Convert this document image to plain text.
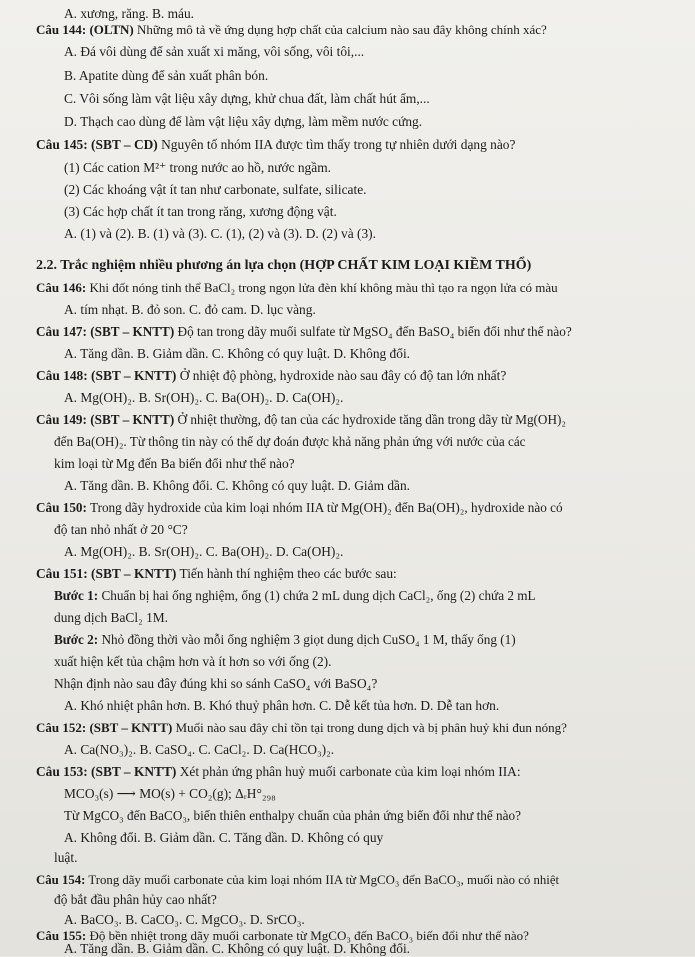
A. xương, răng. B. máu.
Câu 144: (OLTN) Những mô tả về ứng dụng hợp chất của calcium nào sau đây không chính xác?
A. Đá vôi dùng để sản xuất xi măng, vôi sống, vôi tôi,...
B. Apatite dùng để sản xuất phân bón.
C. Vôi sống làm vật liệu xây dựng, khử chua đất, làm chất hút ẩm,...
D. Thạch cao dùng để làm vật liệu xây dựng, làm mềm nước cứng.
Câu 145: (SBT – CD) Nguyên tố nhóm IIA được tìm thấy trong tự nhiên dưới dạng nào?
(1) Các cation M²⁺ trong nước ao hồ, nước ngầm.
(2) Các khoáng vật ít tan như carbonate, sulfate, silicate.
(3) Các hợp chất ít tan trong răng, xương động vật.
A. (1) và (2). B. (1) và (3). C. (1), (2) và (3). D. (2) và (3).
2.2. Trắc nghiệm nhiều phương án lựa chọn (HỢP CHẤT KIM LOẠI KIỀM THỔ)
Câu 146: Khi đốt nóng tinh thể BaCl₂ trong ngọn lửa đèn khí không màu thì tạo ra ngọn lửa có màu
A. tím nhạt. B. đỏ son. C. đỏ cam. D. lục vàng.
Câu 147: (SBT – KNTT) Độ tan trong dãy muối sulfate từ MgSO₄ đến BaSO₄ biến đổi như thế nào?
A. Tăng dần. B. Giảm dần. C. Không có quy luật. D. Không đổi.
Câu 148: (SBT – KNTT) Ở nhiệt độ phòng, hydroxide nào sau đây có độ tan lớn nhất?
A. Mg(OH)₂. B. Sr(OH)₂. C. Ba(OH)₂. D. Ca(OH)₂.
Câu 149: (SBT – KNTT) Ở nhiệt thường, độ tan của các hydroxide tăng dần trong dãy từ Mg(OH)₂
đến Ba(OH)₂. Từ thông tin này có thể dự đoán được khả năng phản ứng với nước của các
kim loại từ Mg đến Ba biến đổi như thế nào?
A. Tăng dần. B. Không đổi. C. Không có quy luật. D. Giảm dần.
Câu 150: Trong dãy hydroxide của kim loại nhóm IIA từ Mg(OH)₂ đến Ba(OH)₂, hydroxide nào có
độ tan nhỏ nhất ở 20 °C?
A. Mg(OH)₂. B. Sr(OH)₂. C. Ba(OH)₂. D. Ca(OH)₂.
Câu 151: (SBT – KNTT) Tiến hành thí nghiệm theo các bước sau:
Bước 1: Chuẩn bị hai ống nghiệm, ống (1) chứa 2 mL dung dịch CaCl₂, ống (2) chứa 2 mL
dung dịch BaCl₂ 1M.
Bước 2: Nhỏ đồng thời vào mỗi ống nghiệm 3 giọt dung dịch CuSO₄ 1 M, thấy ống (1)
xuất hiện kết tủa chậm hơn và ít hơn so với ống (2).
Nhận định nào sau đây đúng khi so sánh CaSO₄ với BaSO₄?
A. Khó nhiệt phân hơn. B. Khó thuỷ phân hơn. C. Dễ kết tủa hơn. D. Dễ tan hơn.
Câu 152: (SBT – KNTT) Muối nào sau đây chỉ tồn tại trong dung dịch và bị phân huỷ khi đun nóng?
A. Ca(NO₃)₂. B. CaSO₄. C. CaCl₂. D. Ca(HCO₃)₂.
Câu 153: (SBT – KNTT) Xét phản ứng phân huỷ muối carbonate của kim loại nhóm IIA:
MCO₃(s) ⟶ MO(s) + CO₂(g); ΔᵣH°₂₉₈
Từ MgCO₃ đến BaCO₃, biến thiên enthalpy chuẩn của phản ứng biến đổi như thế nào?
A. Không đổi. B. Giảm dần. C. Tăng dần. D. Không có quy
luật.
Câu 154: Trong dãy muối carbonate của kim loại nhóm IIA từ MgCO₃ đến BaCO₃, muối nào có nhiệt
độ bắt đầu phân hủy cao nhất?
A. BaCO₃. B. CaCO₃. C. MgCO₃. D. SrCO₃.
Câu 155: Độ bền nhiệt trong dãy muối carbonate từ MgCO₃ đến BaCO₃ biến đổi như thế nào?
A. Tăng dần. B. Giảm dần. C. Không có quy luật. D. Không đổi.
